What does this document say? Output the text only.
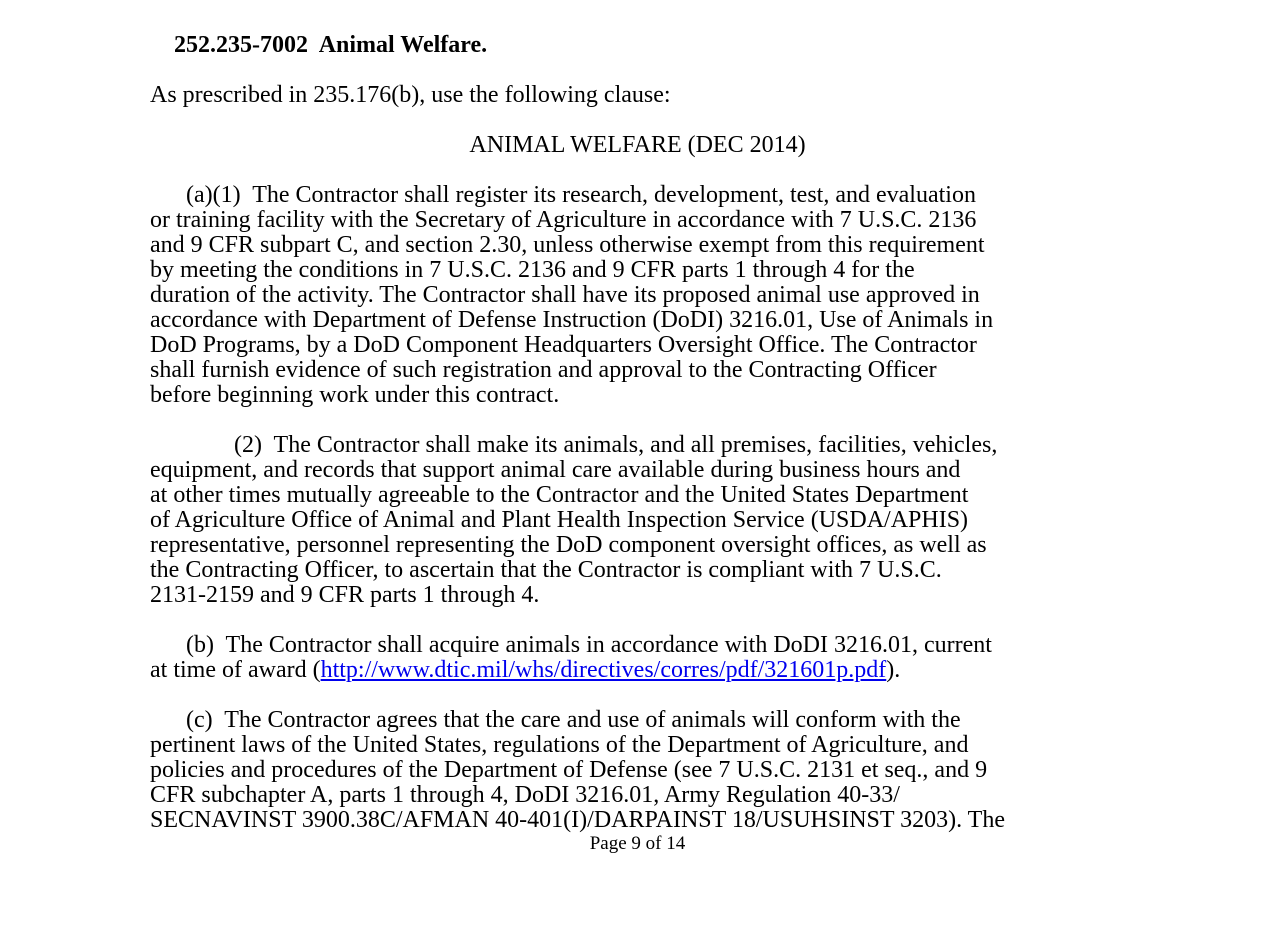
252.235-7002 Animal Welfare.

As prescribed in 235.176(b), use the following clause:
ANIMAL WELFARE (DEC 2014)
(a)(1)  The Contractor shall register its research, development, test, and evaluation
or training facility with the Secretary of Agriculture in accordance with 7 U.S.C. 2136
and 9 CFR subpart C, and section 2.30, unless otherwise exempt from this requirement
by meeting the conditions in 7 U.S.C. 2136 and 9 CFR parts 1 through 4 for the
duration of the activity. The Contractor shall have its proposed animal use approved in
accordance with Department of Defense Instruction (DoDI) 3216.01, Use of Animals in
DoD Programs, by a DoD Component Headquarters Oversight Office. The Contractor
shall furnish evidence of such registration and approval to the Contracting Officer
before beginning work under this contract.
(2)  The Contractor shall make its animals, and all premises, facilities, vehicles,
equipment, and records that support animal care available during business hours and
at other times mutually agreeable to the Contractor and the United States Department
of Agriculture Office of Animal and Plant Health Inspection Service (USDA/APHIS)
representative, personnel representing the DoD component oversight offices, as well as
the Contracting Officer, to ascertain that the Contractor is compliant with 7 U.S.C.
2131-2159 and 9 CFR parts 1 through 4.
(b)  The Contractor shall acquire animals in accordance with DoDI 3216.01, current
at time of award (http://www.dtic.mil/whs/directives/corres/pdf/321601p.pdf).
(c)  The Contractor agrees that the care and use of animals will conform with the
pertinent laws of the United States, regulations of the Department of Agriculture, and
policies and procedures of the Department of Defense (see 7 U.S.C. 2131 et seq., and 9
CFR subchapter A, parts 1 through 4, DoDI 3216.01, Army Regulation 40-33/
SECNAVINST 3900.38C/AFMAN 40-401(I)/DARPAINST 18/USUHSINST 3203). The
Page 9 of 14
